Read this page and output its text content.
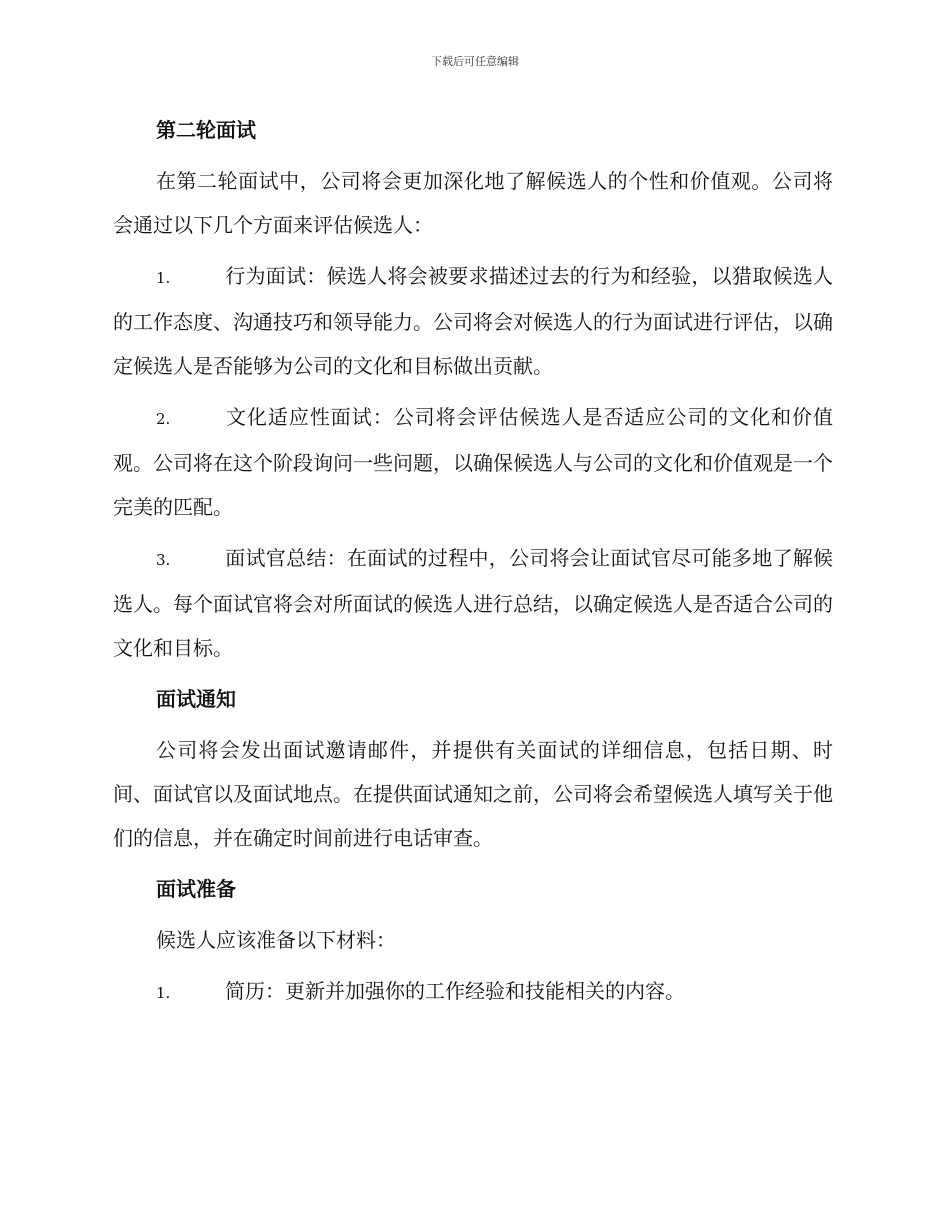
下载后可任意编辑
第二轮面试
在第二轮面试中，公司将会更加深化地了解候选人的个性和价值观。公司将会通过以下几个方面来评估候选人：
1.	行为面试：候选人将会被要求描述过去的行为和经验，以猎取候选人的工作态度、沟通技巧和领导能力。公司将会对候选人的行为面试进行评估，以确定候选人是否能够为公司的文化和目标做出贡献。
2.	文化适应性面试：公司将会评估候选人是否适应公司的文化和价值观。公司将在这个阶段询问一些问题，以确保候选人与公司的文化和价值观是一个完美的匹配。
3.	面试官总结：在面试的过程中，公司将会让面试官尽可能多地了解候选人。每个面试官将会对所面试的候选人进行总结，以确定候选人是否适合公司的文化和目标。
面试通知
公司将会发出面试邀请邮件，并提供有关面试的详细信息，包括日期、时间、面试官以及面试地点。在提供面试通知之前，公司将会希望候选人填写关于他们的信息，并在确定时间前进行电话审查。
面试准备
候选人应该准备以下材料：
1.	简历：更新并加强你的工作经验和技能相关的内容。
